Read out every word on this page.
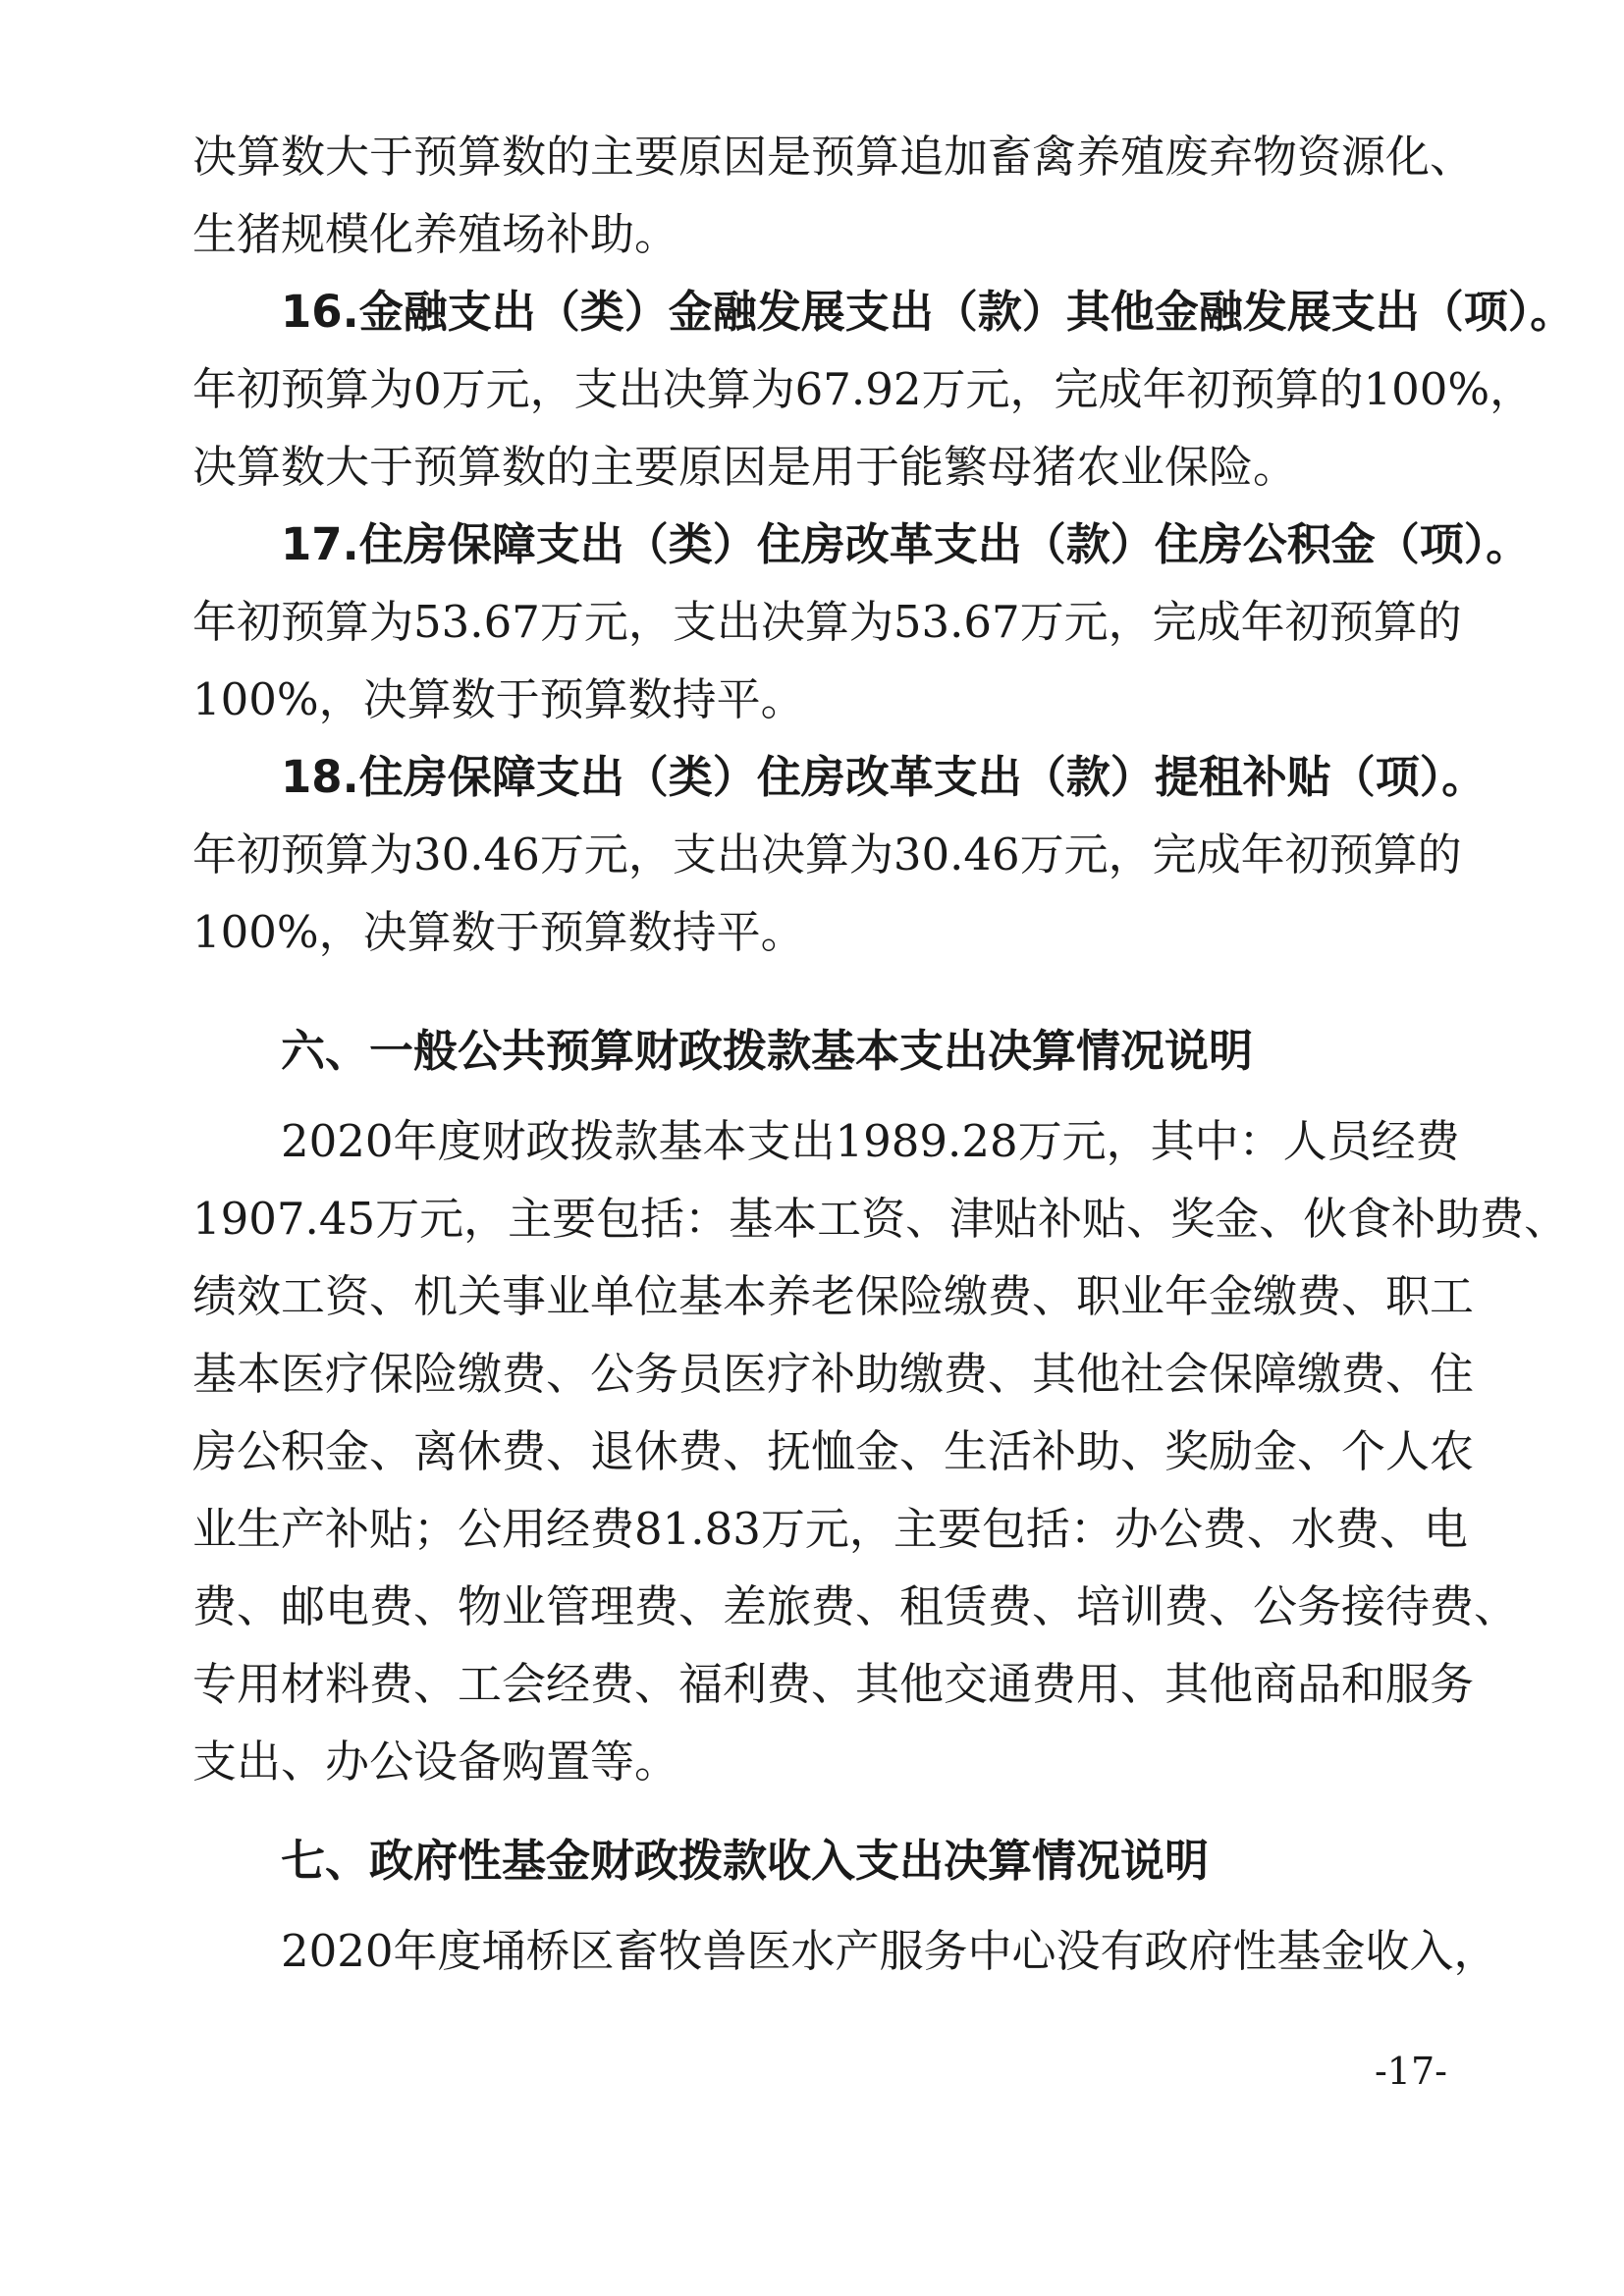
决算数大于预算数的主要原因是预算追加畜禽养殖废弃物资源化、
生猪规模化养殖场补助。
16.金融支出（类）金融发展支出（款）其他金融发展支出（项）。
年初预算为0万元，支出决算为67.92万元，完成年初预算的100%，
决算数大于预算数的主要原因是用于能繁母猪农业保险。
17.住房保障支出（类）住房改革支出（款）住房公积金（项）。
年初预算为53.67万元，支出决算为53.67万元，完成年初预算的
100%，决算数于预算数持平。
18.住房保障支出（类）住房改革支出（款）提租补贴（项）。
年初预算为30.46万元，支出决算为30.46万元，完成年初预算的
100%，决算数于预算数持平。
六、一般公共预算财政拨款基本支出决算情况说明
2020年度财政拨款基本支出1989.28万元，其中：人员经费
1907.45万元，主要包括：基本工资、津贴补贴、奖金、伙食补助费、
绩效工资、机关事业单位基本养老保险缴费、职业年金缴费、职工
基本医疗保险缴费、公务员医疗补助缴费、其他社会保障缴费、住
房公积金、离休费、退休费、抚恤金、生活补助、奖励金、个人农
业生产补贴；公用经费81.83万元，主要包括：办公费、水费、电
费、邮电费、物业管理费、差旅费、租赁费、培训费、公务接待费、
专用材料费、工会经费、福利费、其他交通费用、其他商品和服务
支出、办公设备购置等。
七、政府性基金财政拨款收入支出决算情况说明
2020年度埇桥区畜牧兽医水产服务中心没有政府性基金收入，
-17-
